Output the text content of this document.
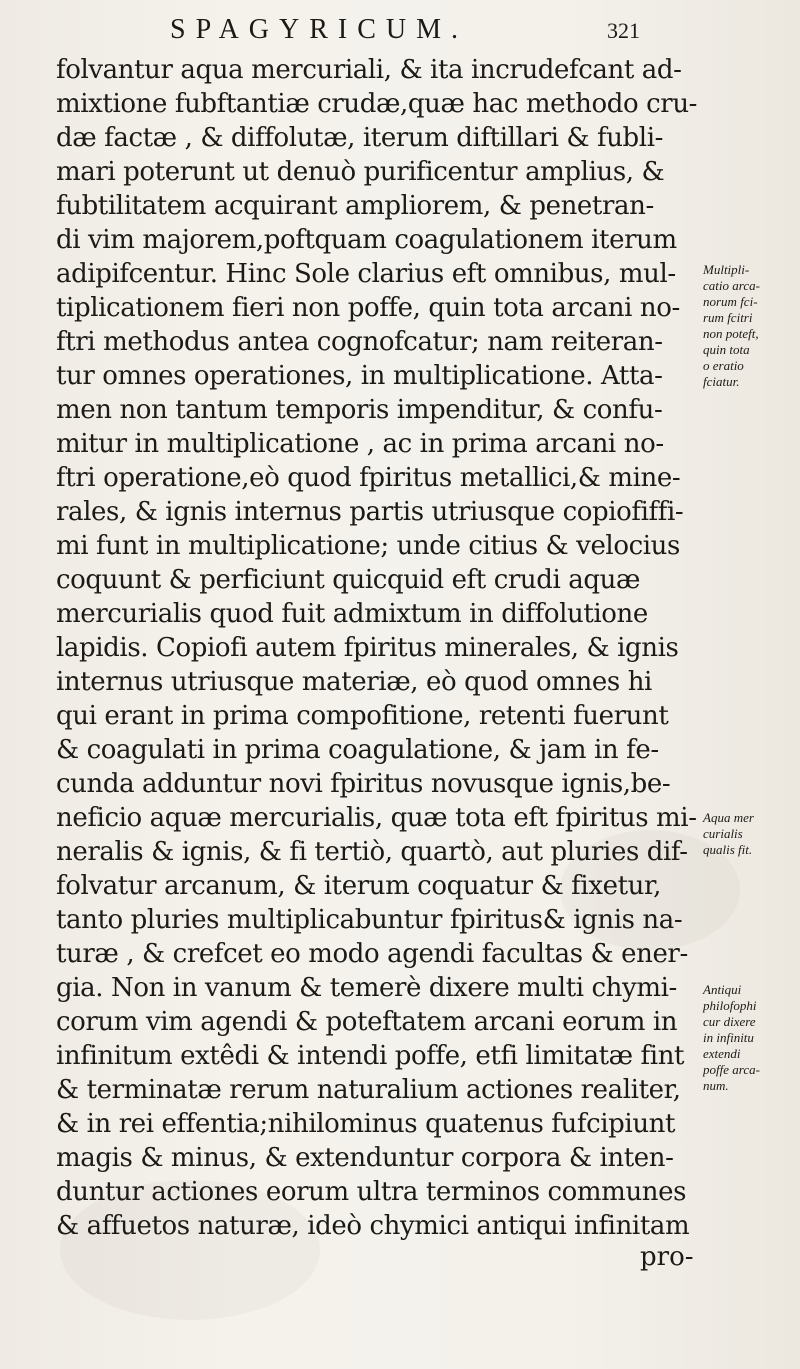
SPAGYRICUM.	321
folvantur aqua mercuriali, & ita incrudefcant ad-
mixtione fubftantiæ crudæ,quæ hac methodo cru-
dæ factæ , & diffolutæ, iterum diftillari & fubli-
mari poterunt ut denuò purificentur amplius, &
fubtilitatem acquirant ampliorem, & penetran-
di vim majorem,poftquam coagulationem iterum
adipifcentur. Hinc Sole clarius eft omnibus, mul-
tiplicationem fieri non poffe, quin tota arcani no-
ftri methodus antea cognofcatur; nam reiteran-
tur omnes operationes, in multiplicatione. Atta-
men non tantum temporis impenditur, & confu-
mitur in multiplicatione , ac in prima arcani no-
ftri operatione,eò quod fpiritus metallici,& mine-
rales, & ignis internus partis utriusque copiofiffi-
mi funt in multiplicatione; unde citius & velocius
coquunt & perficiunt quicquid eft crudi aquæ
mercurialis quod fuit admixtum in diffolutione
lapidis. Copiofi autem fpiritus minerales, & ignis
internus utriusque materiæ, eò quod omnes hi
qui erant in prima compofitione, retenti fuerunt
& coagulati in prima coagulatione, & jam in fe-
cunda adduntur novi fpiritus novusque ignis,be-
neficio aquæ mercurialis, quæ tota eft fpiritus mi-
neralis & ignis, & fi tertiò, quartò, aut pluries dif-
folvatur arcanum, & iterum coquatur & fixetur,
tanto pluries multiplicabuntur fpiritus& ignis na-
turæ , & crefcet eo modo agendi facultas & ener-
gia. Non in vanum & temerè dixere multi chymi-
corum vim agendi & poteftatem arcani eorum in
infinitum extêdi & intendi poffe, etfi limitatæ fint
& terminatæ rerum naturalium actiones realiter,
& in rei effentia;nihilominus quatenus fufcipiunt
magis & minus, & extenduntur corpora & inten-
duntur actiones eorum ultra terminos communes
& affuetos naturæ, ideò chymici antiqui infinitam
pro-
Multipli-
catio arca-
norum fci-
rum fcitri
non poteft,
quin tota
o eratio
fciatur.
Aqua mer
curialis
qualis fit.
Antiqui
philofophi
cur dixere
in infinitu
extendi
poffe arca-
num.
